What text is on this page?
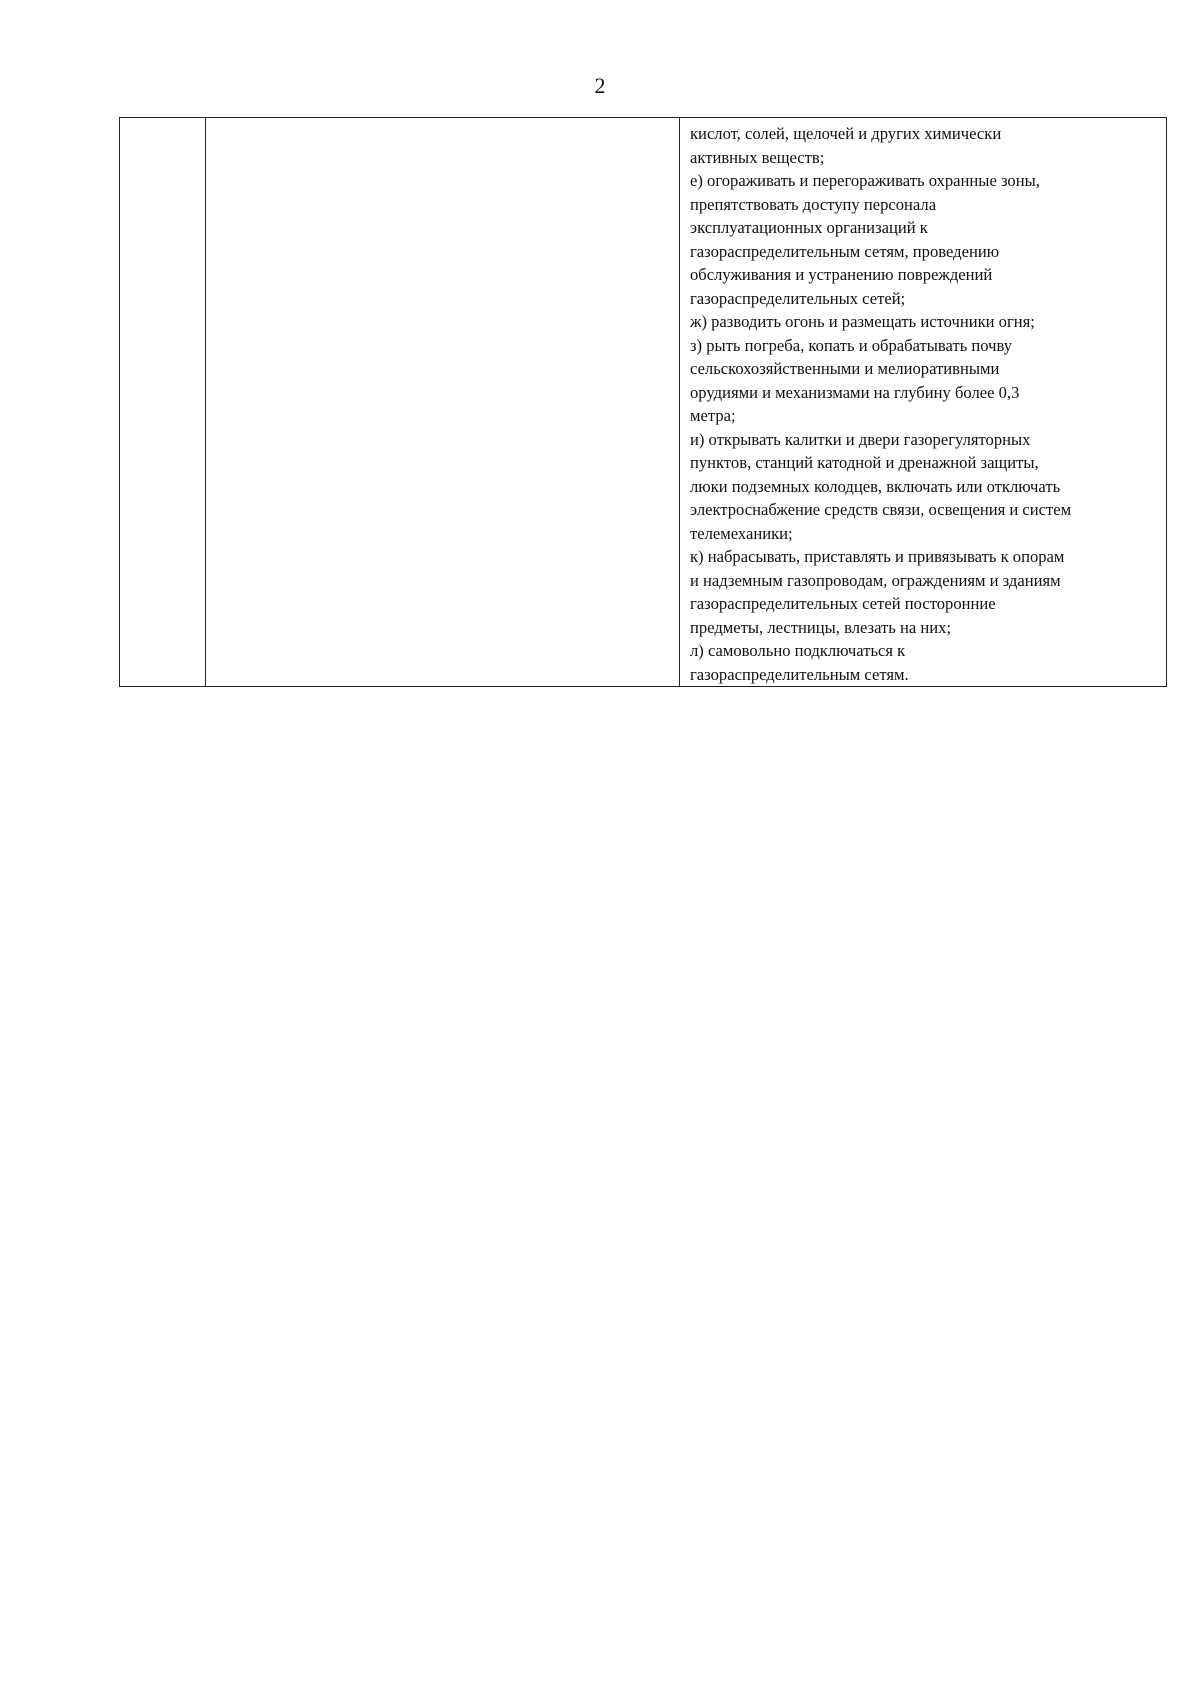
2

кислот, солей, щелочей и других химически
активных веществ;
е) огораживать и перегораживать охранные зоны,
препятствовать доступу персонала
эксплуатационных организаций к
газораспределительным сетям, проведению
обслуживания и устранению повреждений
газораспределительных сетей;
ж) разводить огонь и размещать источники огня;
з) рыть погреба, копать и обрабатывать почву
сельскохозяйственными и мелиоративными
орудиями и механизмами на глубину более 0,3
метра;
и) открывать калитки и двери газорегуляторных
пунктов, станций катодной и дренажной защиты,
люки подземных колодцев, включать или отключать
электроснабжение средств связи, освещения и систем
телемеханики;
к) набрасывать, приставлять и привязывать к опорам
и надземным газопроводам, ограждениям и зданиям
газораспределительных сетей посторонние
предметы, лестницы, влезать на них;
л) самовольно подключаться к
газораспределительным сетям.
